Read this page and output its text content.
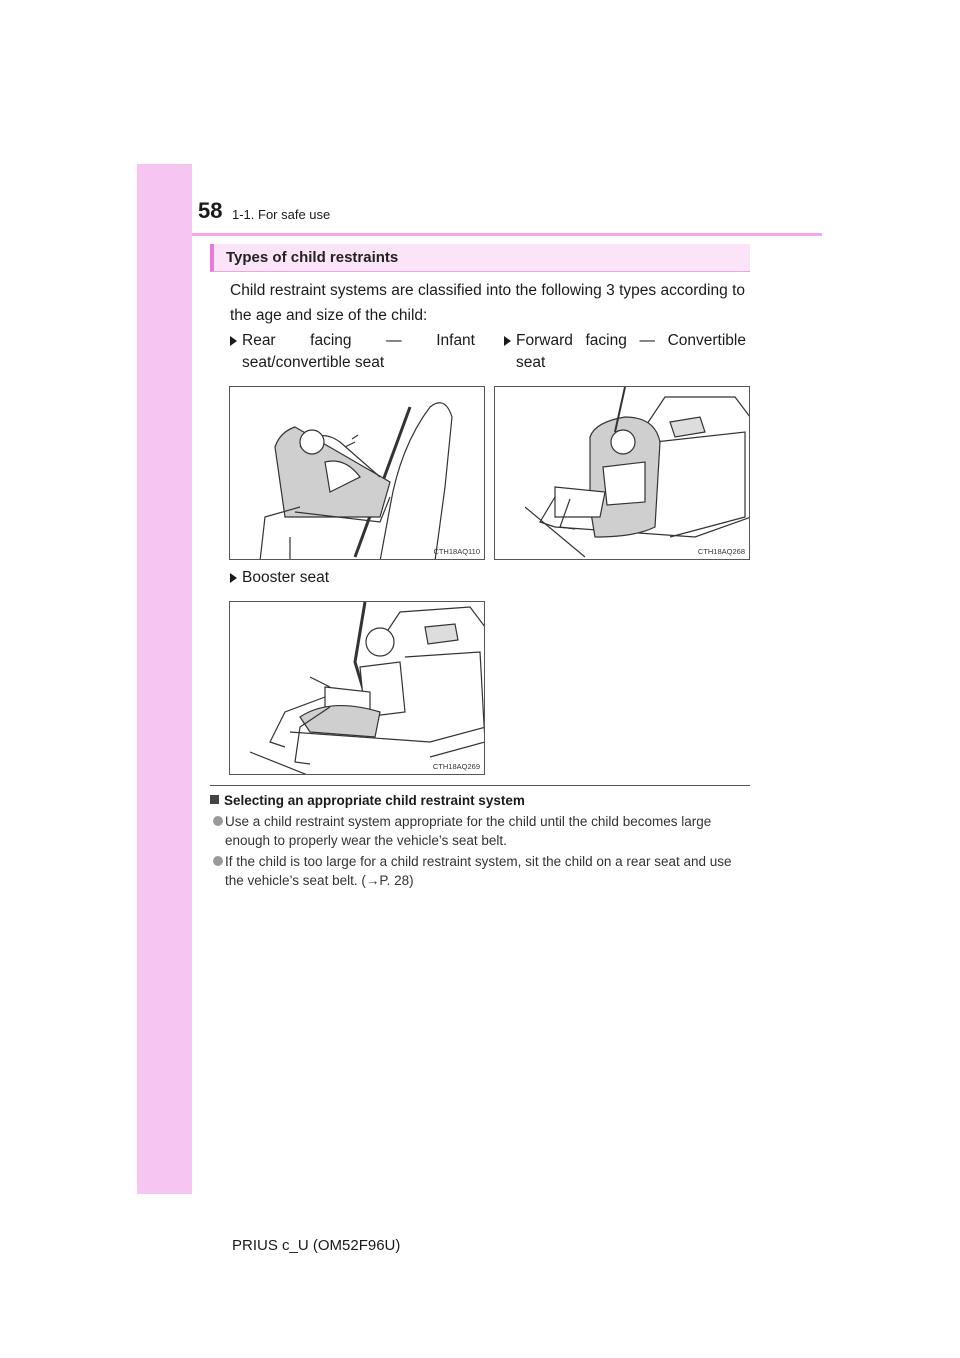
58 1-1. For safe use
Types of child restraints
Child restraint systems are classified into the following 3 types according to the age and size of the child:
Rear facing — Infant seat/convertible seat
Forward facing — Convertible seat
CTH18AQ110	CTH18AQ268
Booster seat
CTH18AQ269
Selecting an appropriate child restraint system
Use a child restraint system appropriate for the child until the child becomes large enough to properly wear the vehicle’s seat belt.
If the child is too large for a child restraint system, sit the child on a rear seat and use the vehicle’s seat belt. (→P. 28)
PRIUS c_U (OM52F96U)
